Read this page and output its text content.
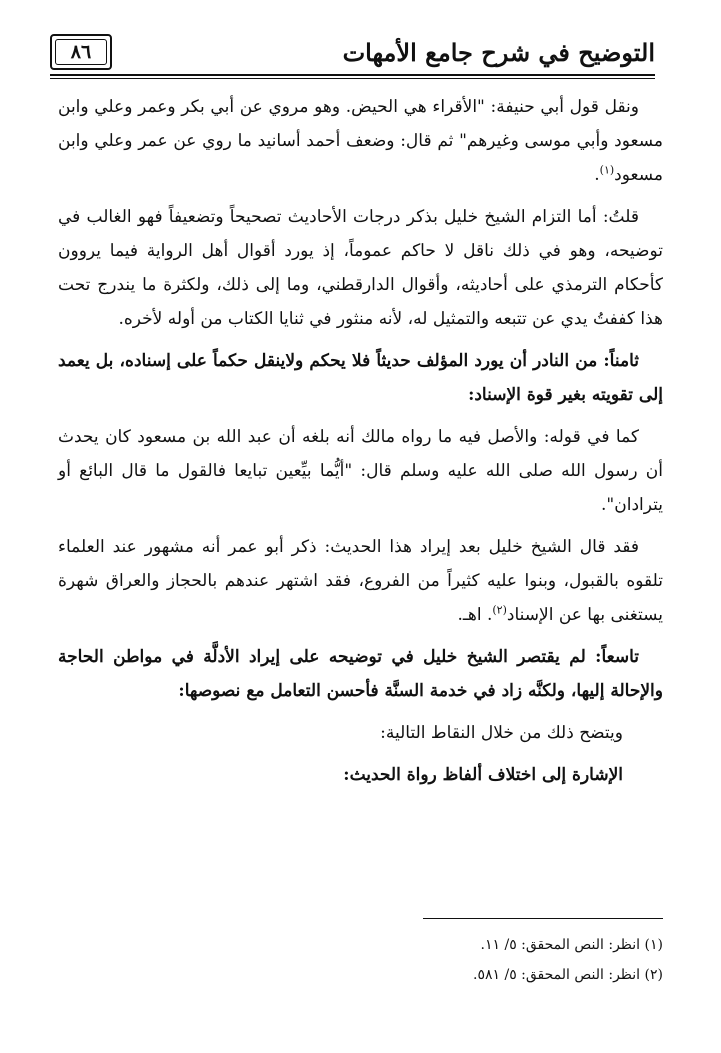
٨٦	التوضيح في شرح جامع الأمهات

ونقل قول أبي حنيفة: "الأقراء هي الحيض. وهو مروي عن أبي بكر وعمر وعلي وابن مسعود وأبي موسى وغيرهم" ثم قال: وضعف أحمد أسانيد ما روي عن عمر وعلي وابن مسعود$^{(١)}$.

قلتُ: أما التزام الشيخ خليل بذكر درجات الأحاديث تصحيحاً وتضعيفاً فهو الغالب في توضيحه، وهو في ذلك ناقل لا حاكم عموماً، إذ يورد أقوال أهل الرواية فيما يروون كأحكام الترمذي على أحاديثه، وأقوال الدارقطني، وما إلى ذلك، ولكثرة ما يندرج تحت هذا كففتُ يدي عن تتبعه والتمثيل له، لأنه منثور في ثنايا الكتاب من أوله لأخره.

ثامناً: من النادر أن يورد المؤلف حديثاً فلا يحكم ولاينقل حكماً على إسناده، بل يعمد إلى تقويته بغير قوة الإسناد:

كما في قوله: والأصل فيه ما رواه مالك أنه بلغه أن عبد الله بن مسعود كان يحدث أن رسول الله صلى الله عليه وسلم قال: "أيُّما بيِّعين تبايعا فالقول ما قال البائع أو يترادان".

فقد قال الشيخ خليل بعد إيراد هذا الحديث: ذكر أبو عمر أنه مشهور عند العلماء تلقوه بالقبول، وبنوا عليه كثيراً من الفروع، فقد اشتهر عندهم بالحجاز والعراق شهرة يستغنى بها عن الإسناد$^{(٢)}$. اهـ.

تاسعاً: لم يقتصر الشيخ خليل في توضيحه على إيراد الأدلَّة في مواطن الحاجة والإحالة إليها، ولكنَّه زاد في خدمة السنَّة فأحسن التعامل مع نصوصها:

ويتضح ذلك من خلال النقاط التالية:

الإشارة إلى اختلاف ألفاظ رواة الحديث:

(١) انظر: النص المحقق: ٥/ ١١.

(٢) انظر: النص المحقق: ٥/ ٥٨١.
